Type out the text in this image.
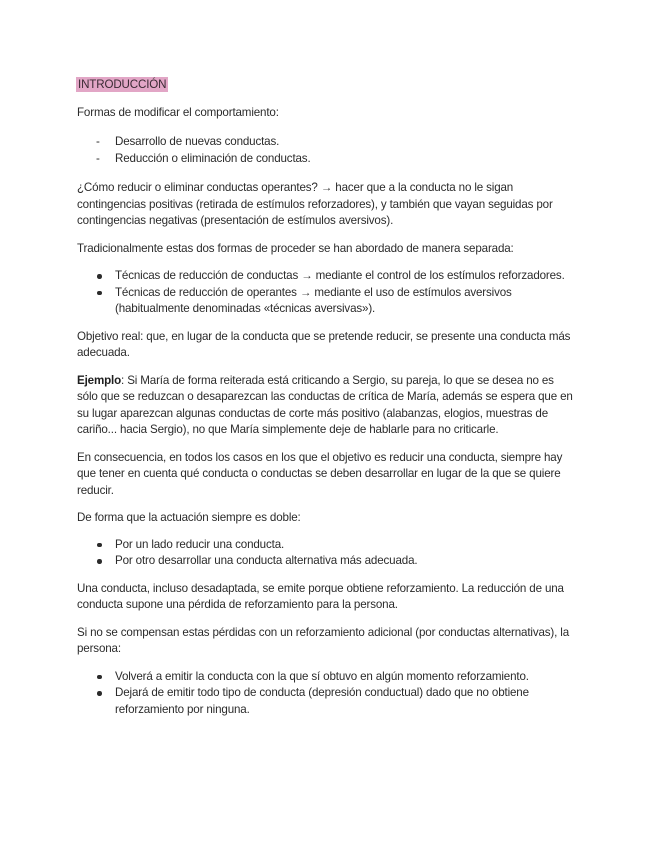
INTRODUCCIÓN

Formas de modificar el comportamiento:

- Desarrollo de nuevas conductas.
- Reducción o eliminación de conductas.

¿Cómo reducir o eliminar conductas operantes? → hacer que a la conducta no le sigan contingencias positivas (retirada de estímulos reforzadores), y también que vayan seguidas por contingencias negativas (presentación de estímulos aversivos).

Tradicionalmente estas dos formas de proceder se han abordado de manera separada:

Técnicas de reducción de conductas → mediante el control de los estímulos reforzadores.
Técnicas de reducción de operantes → mediante el uso de estímulos aversivos (habitualmente denominadas «técnicas aversivas»).

Objetivo real: que, en lugar de la conducta que se pretende reducir, se presente una conducta más adecuada.

Ejemplo: Si María de forma reiterada está criticando a Sergio, su pareja, lo que se desea no es sólo que se reduzcan o desaparezcan las conductas de crítica de María, además se espera que en su lugar aparezcan algunas conductas de corte más positivo (alabanzas, elogios, muestras de cariño... hacia Sergio), no que María simplemente deje de hablarle para no criticarle.

En consecuencia, en todos los casos en los que el objetivo es reducir una conducta, siempre hay que tener en cuenta qué conducta o conductas se deben desarrollar en lugar de la que se quiere reducir.

De forma que la actuación siempre es doble:

Por un lado reducir una conducta.
Por otro desarrollar una conducta alternativa más adecuada.

Una conducta, incluso desadaptada, se emite porque obtiene reforzamiento. La reducción de una conducta supone una pérdida de reforzamiento para la persona.

Si no se compensan estas pérdidas con un reforzamiento adicional (por conductas alternativas), la persona:

Volverá a emitir la conducta con la que sí obtuvo en algún momento reforzamiento.
Dejará de emitir todo tipo de conducta (depresión conductual) dado que no obtiene reforzamiento por ninguna.
